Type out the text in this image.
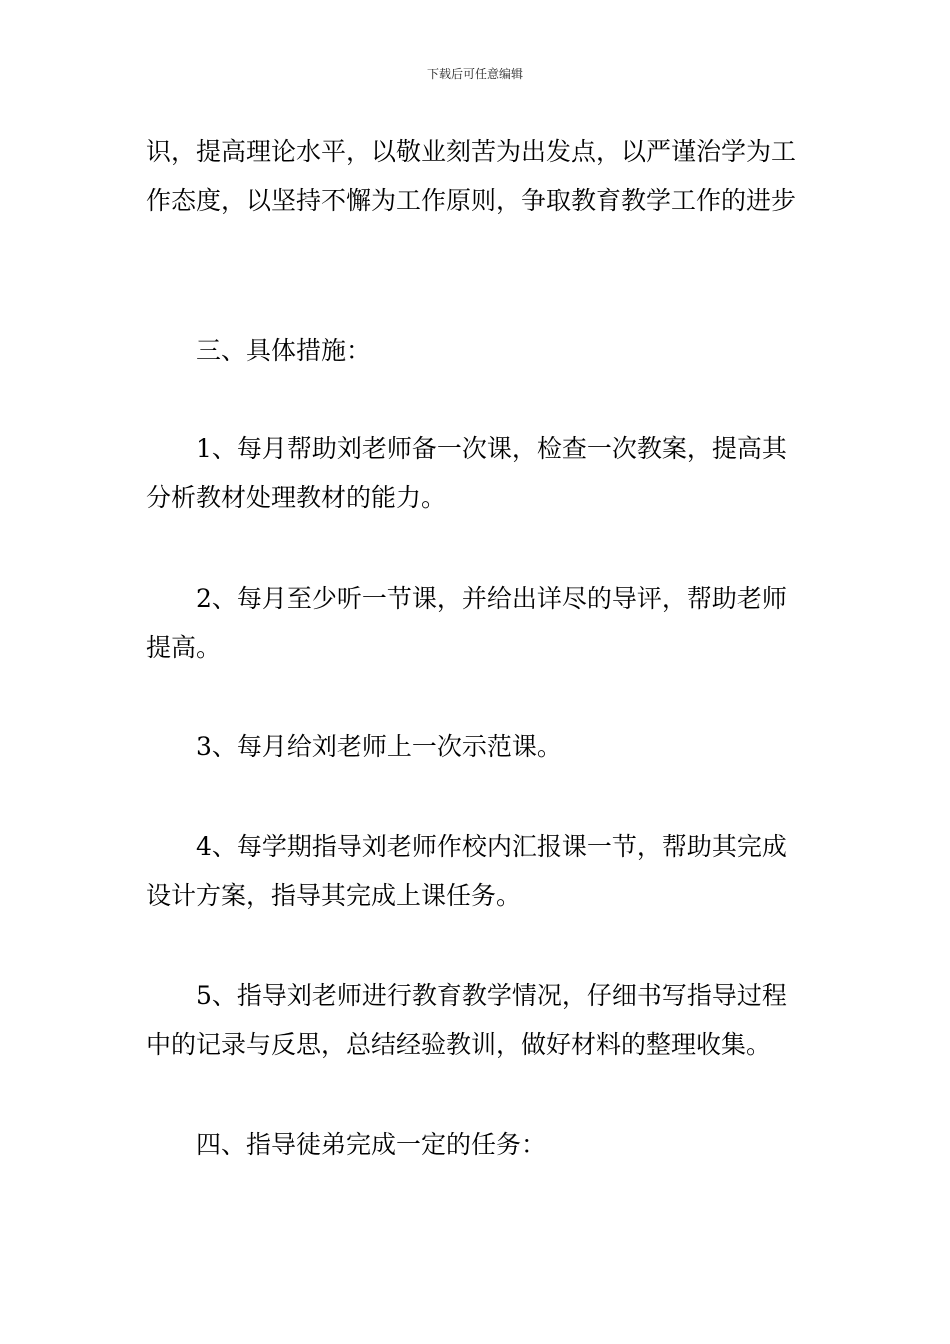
下载后可任意编辑

识，提高理论水平，以敬业刻苦为出发点，以严谨治学为工作态度，以坚持不懈为工作原则，争取教育教学工作的进步

三、具体措施：

1、每月帮助刘老师备一次课，检查一次教案，提高其分析教材处理教材的能力。

2、每月至少听一节课，并给出详尽的导评，帮助老师提高。

3、每月给刘老师上一次示范课。

4、每学期指导刘老师作校内汇报课一节，帮助其完成设计方案，指导其完成上课任务。

5、指导刘老师进行教育教学情况，仔细书写指导过程中的记录与反思，总结经验教训，做好材料的整理收集。

四、指导徒弟完成一定的任务：
